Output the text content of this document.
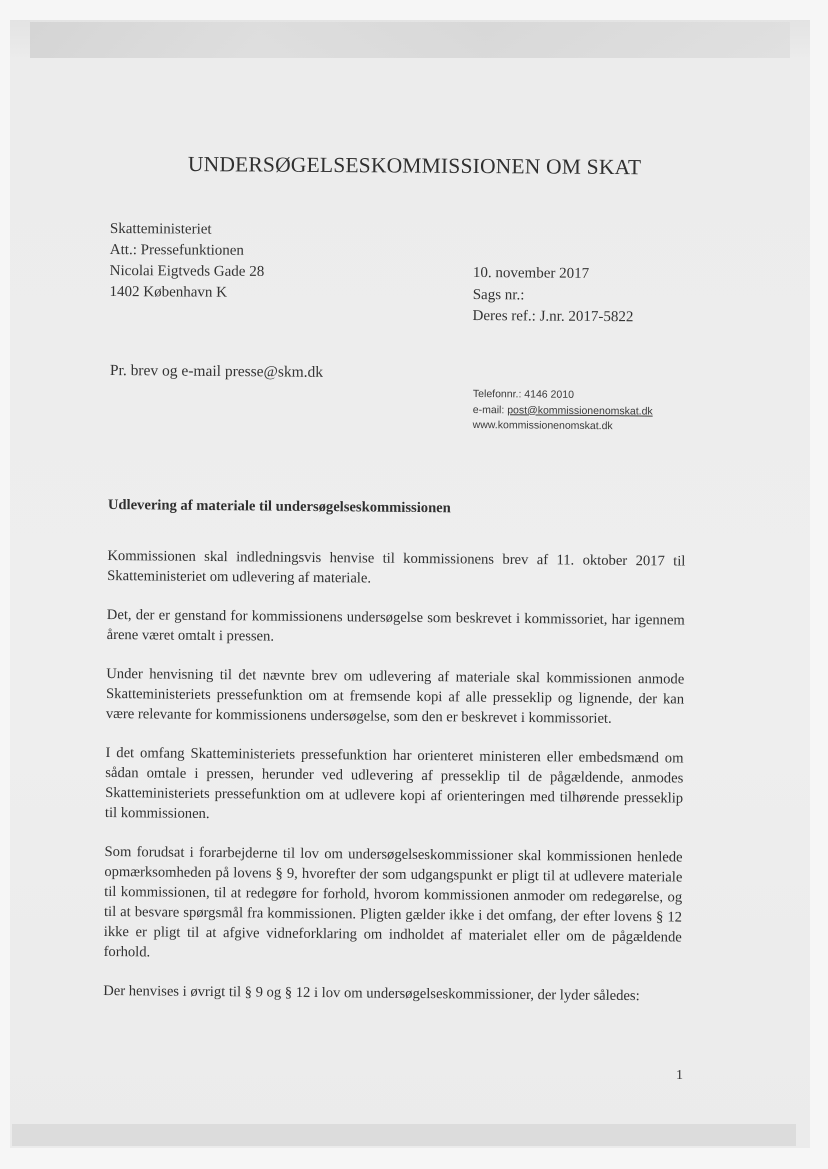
UNDERSØGELSESKOMMISSIONEN OM SKAT
Skatteministeriet
Att.: Pressefunktionen
Nicolai Eigtveds Gade 28
1402 København K
10. november 2017
Sags nr.:
Deres ref.: J.nr. 2017-5822
Pr. brev og e-mail presse@skm.dk
Telefonnr.: 4146 2010
e-mail: post@kommissionenomskat.dk
www.kommissionenomskat.dk
Udlevering af materiale til undersøgelseskommissionen

Kommissionen skal indledningsvis henvise til kommissionens brev af 11. oktober 2017 til Skatteministeriet om udlevering af materiale.

Det, der er genstand for kommissionens undersøgelse som beskrevet i kommissoriet, har igennem årene været omtalt i pressen.

Under henvisning til det nævnte brev om udlevering af materiale skal kommissionen anmode Skatteministeriets pressefunktion om at fremsende kopi af alle presseklip og lignende, der kan være relevante for kommissionens undersøgelse, som den er beskrevet i kommissoriet.

I det omfang Skatteministeriets pressefunktion har orienteret ministeren eller embedsmænd om sådan omtale i pressen, herunder ved udlevering af presseklip til de pågældende, anmodes Skatteministeriets pressefunktion om at udlevere kopi af orienteringen med tilhørende presseklip til kommissionen.

Som forudsat i forarbejderne til lov om undersøgelseskommissioner skal kommissionen henlede opmærksomheden på lovens § 9, hvorefter der som udgangspunkt er pligt til at udlevere materiale til kommissionen, til at redegøre for forhold, hvorom kommissionen anmoder om redegørelse, og til at besvare spørgsmål fra kommissionen. Pligten gælder ikke i det omfang, der efter lovens § 12 ikke er pligt til at afgive vidneforklaring om indholdet af materialet eller om de pågældende forhold.

Der henvises i øvrigt til § 9 og § 12 i lov om undersøgelseskommissioner, der lyder således:

1
